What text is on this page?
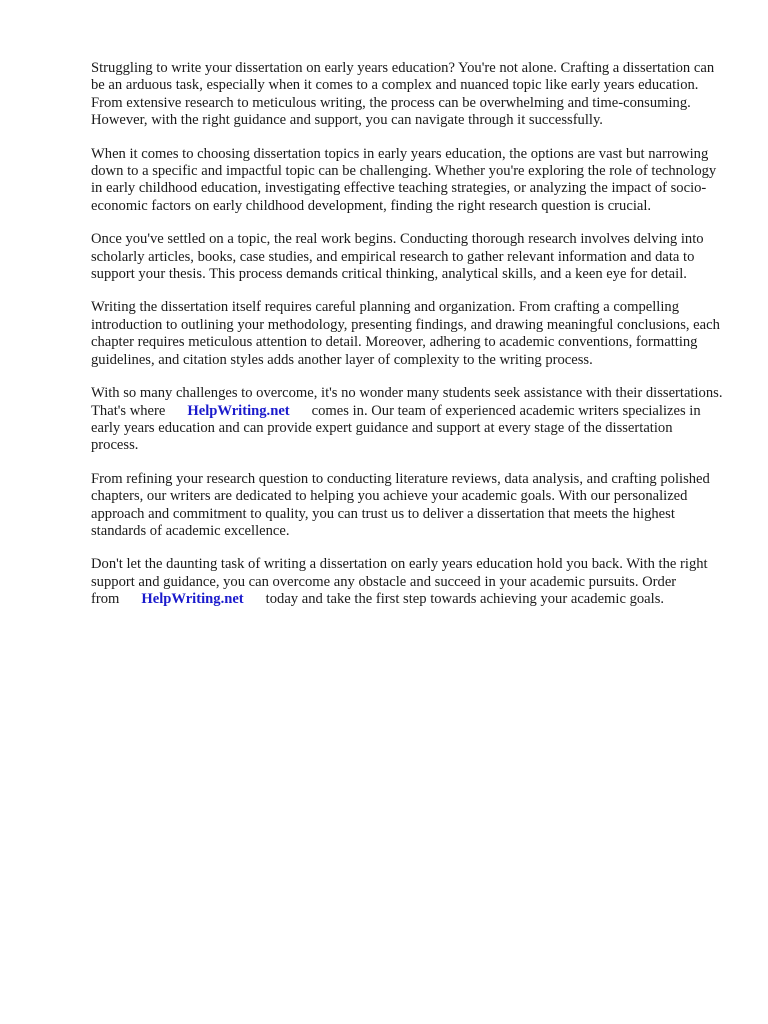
Struggling to write your dissertation on early years education? You're not alone. Crafting a dissertation can be an arduous task, especially when it comes to a complex and nuanced topic like early years education. From extensive research to meticulous writing, the process can be overwhelming and time-consuming. However, with the right guidance and support, you can navigate through it successfully.

When it comes to choosing dissertation topics in early years education, the options are vast but narrowing down to a specific and impactful topic can be challenging. Whether you're exploring the role of technology in early childhood education, investigating effective teaching strategies, or analyzing the impact of socio-economic factors on early childhood development, finding the right research question is crucial.

Once you've settled on a topic, the real work begins. Conducting thorough research involves delving into scholarly articles, books, case studies, and empirical research to gather relevant information and data to support your thesis. This process demands critical thinking, analytical skills, and a keen eye for detail.

Writing the dissertation itself requires careful planning and organization. From crafting a compelling introduction to outlining your methodology, presenting findings, and drawing meaningful conclusions, each chapter requires meticulous attention to detail. Moreover, adhering to academic conventions, formatting guidelines, and citation styles adds another layer of complexity to the writing process.

With so many challenges to overcome, it's no wonder many students seek assistance with their dissertations. That's where HelpWriting.net comes in. Our team of experienced academic writers specializes in early years education and can provide expert guidance and support at every stage of the dissertation process.

From refining your research question to conducting literature reviews, data analysis, and crafting polished chapters, our writers are dedicated to helping you achieve your academic goals. With our personalized approach and commitment to quality, you can trust us to deliver a dissertation that meets the highest standards of academic excellence.

Don't let the daunting task of writing a dissertation on early years education hold you back. With the right support and guidance, you can overcome any obstacle and succeed in your academic pursuits. Order from HelpWriting.net today and take the first step towards achieving your academic goals.
